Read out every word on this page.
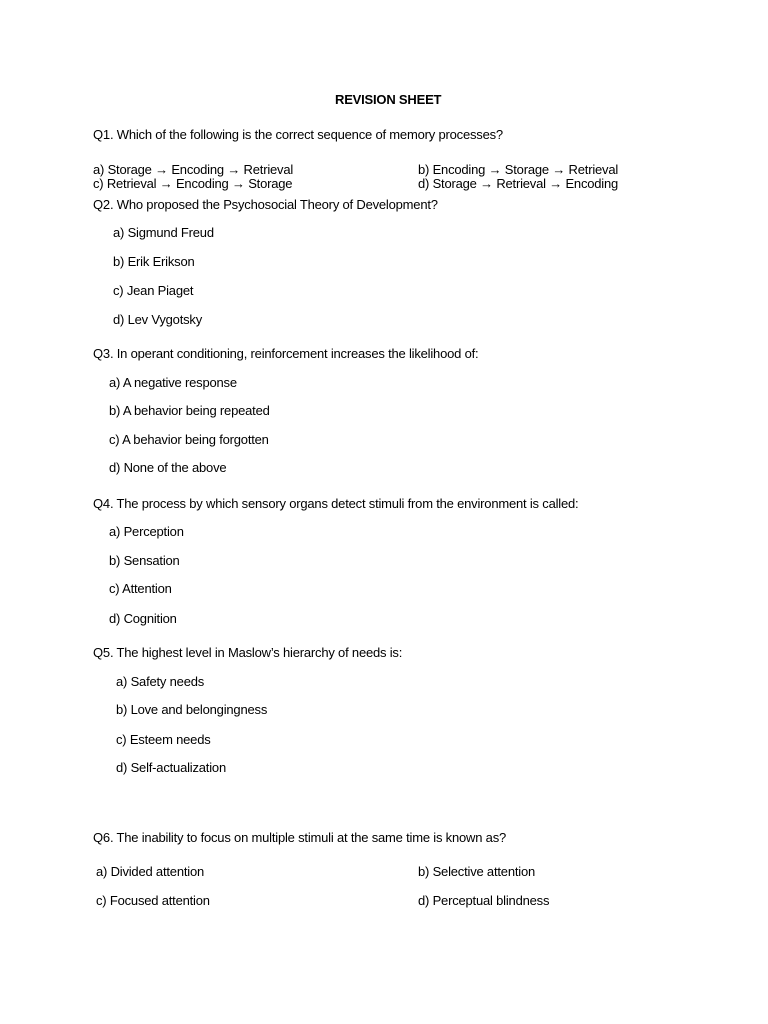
REVISION SHEET
Q1. Which of the following is the correct sequence of memory processes?
a) Storage → Encoding → Retrieval	b) Encoding → Storage → Retrieval
c) Retrieval → Encoding → Storage	d) Storage → Retrieval → Encoding
Q2. Who proposed the Psychosocial Theory of Development?
a) Sigmund Freud
b) Erik Erikson
c) Jean Piaget
d) Lev Vygotsky
Q3. In operant conditioning, reinforcement increases the likelihood of:
a) A negative response
b) A behavior being repeated
c) A behavior being forgotten
d) None of the above
Q4. The process by which sensory organs detect stimuli from the environment is called:
a) Perception
b) Sensation
c) Attention
d) Cognition
Q5. The highest level in Maslow’s hierarchy of needs is:
a) Safety needs
b) Love and belongingness
c) Esteem needs
d) Self-actualization
Q6. The inability to focus on multiple stimuli at the same time is known as?
a) Divided attention	b) Selective attention
c) Focused attention	d) Perceptual blindness
